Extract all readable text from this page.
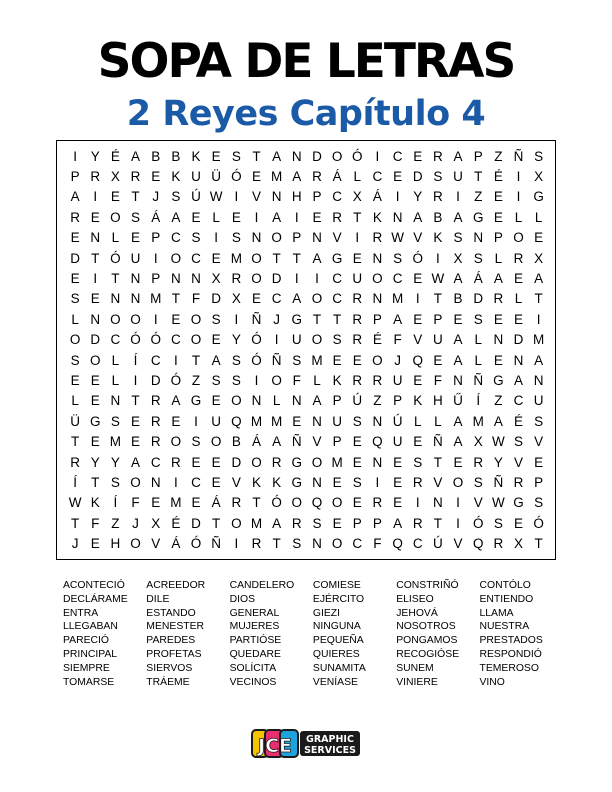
SOPA DE LETRAS
2 Reyes Capítulo 4
I	Y É A B B K E S T A N D O Ó I C E R A P Z Ñ S
P R X R E K U Ü Ó E M A R Á L C E D S U T É	I	X
A	I	E T J S Ú W I	V N H P C X Á	I	Y R I	Z E	I G
R E O S Á A E L E	I	A	I	E R T K N A B A G E L L
E N L E P C S	I	S N O P N V	I R W V K S N P O E
D T Ó U I O C E M O T T A G E N S Ó I	X S L R X
E	I	T N P N N X R O D I	I C U O C E W A Á A E A
S E N N M T F D X E C A O C R N M I	T B D R L T
L N O O I	E O S	I Ñ J G T T R P A E P E S E E	I
O D C Ó Ó C O E Y Ó I U O S R É F V U A L N D M
S O L	Í C I	T A S Ó Ñ S M E E O J Q E A L E N A
E E L	I D Ó Z S S	I O F L K R R U E F N Ñ G A N
L E N T R A G E O N L N A P Ú Z P K H Ű Í	Z C U
Ü G S E R E	I U Q M M E N U S N Ú L L A M A É S
T E M E R O S O B Á A Ñ V P E Q U E Ñ A X W S V
R Y Y A C R E E D O R G O M E N E S T E R Y V E
Í	T S O N I C E V K K G N E S	I	E R V O S Ñ R P
W K	Í	F E M E Á R T Ó O Q O E R E	I N I	V W G S
T F Z J X É D T O M A R S E P P A R T	I Ó S E Ó
J E H O V Á Ó Ñ I R T S N O C F Q C Ú V Q R X T
ACONTECIÓ	ACREEDOR	CANDELERO	COMIESE	CONSTRIÑÓ	CONTÓLO
DECLÁRAME	DILE	DIOS	EJÉRCITO	ELISEO	ENTIENDO
ENTRA	ESTANDO	GENERAL	GIEZI	JEHOVÁ	LLAMA
LLEGABAN	MENESTER	MUJERES	NINGUNA	NOSOTROS	NUESTRA
PARECIÓ	PAREDES	PARTIÓSE	PEQUEÑA	PONGAMOS	PRESTADOS
PRINCIPAL	PROFETAS	QUEDARE	QUIERES	RECOGIÓSE	RESPONDIÓ
SIEMPRE	SIERVOS	SOLÍCITA	SUNAMITA	SUNEM	TEMEROSO
TOMARSE	TRÁEME	VECINOS	VENÍASE	VINIERE	VINO
JCE GRAPHIC
SERVICES
